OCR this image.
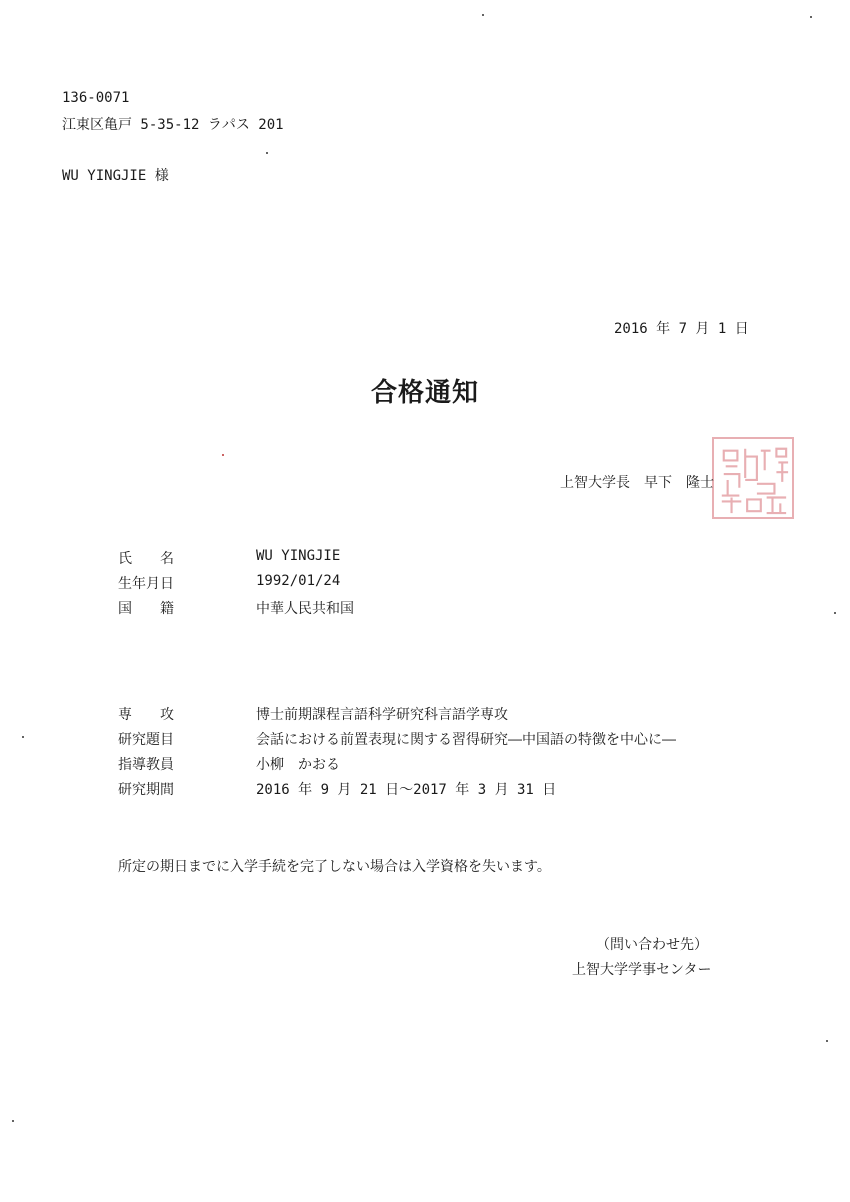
136-0071
江東区亀戸 5-35-12 ラパス 201
WU YINGJIE 様
2016 年 7 月 1 日
合格通知
上智大学長　早下　隆士
氏　　名	WU YINGJIE
生年月日	1992/01/24
国　　籍	中華人民共和国
専　　攻	博士前期課程言語科学研究科言語学専攻
研究題目	会話における前置表現に関する習得研究―中国語の特徴を中心に―
指導教員	小柳　かおる
研究期間	2016 年 9 月 21 日～2017 年 3 月 31 日
所定の期日までに入学手続を完了しない場合は入学資格を失います。
（問い合わせ先）
上智大学学事センター
